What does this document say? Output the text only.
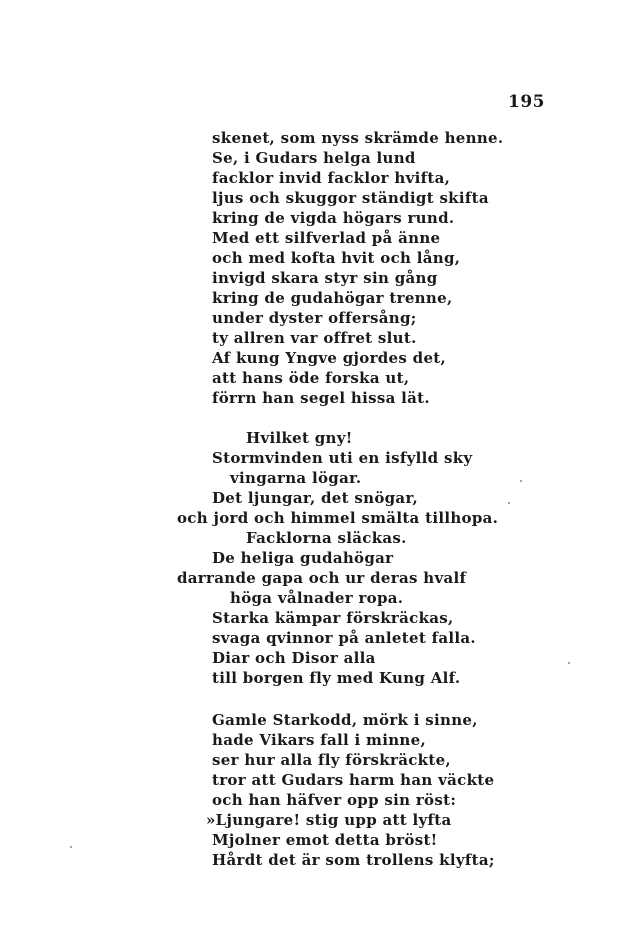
195
skenet, som nyss skrämde henne.
Se, i Gudars helga lund
facklor invid facklor hvifta,
ljus och skuggor ständigt skifta
kring de vigda högars rund.
Med ett silfverlad på änne
och med kofta hvit och lång,
invigd skara styr sin gång
kring de gudahögar trenne,
under dyster offersång;
ty allren var offret slut.
Af kung Yngve gjordes det,
att hans öde forska ut,
förrn han segel hissa lät.
Hvilket gny!
Stormvinden uti en isfylld sky
vingarna lögar.
Det ljungar, det snögar,
och jord och himmel smälta tillhopa.
Facklorna släckas.
De heliga gudahögar
darrande gapa och ur deras hvalf
höga vålnader ropa.
Starka kämpar förskräckas,
svaga qvinnor på anletet falla.
Diar och Disor alla
till borgen fly med Kung Alf.
Gamle Starkodd, mörk i sinne,
hade Vikars fall i minne,
ser hur alla fly förskräckte,
tror att Gudars harm han väckte
och han häfver opp sin röst:
»Ljungare! stig upp att lyfta
Mjolner emot detta bröst!
Hårdt det är som trollens klyfta;
